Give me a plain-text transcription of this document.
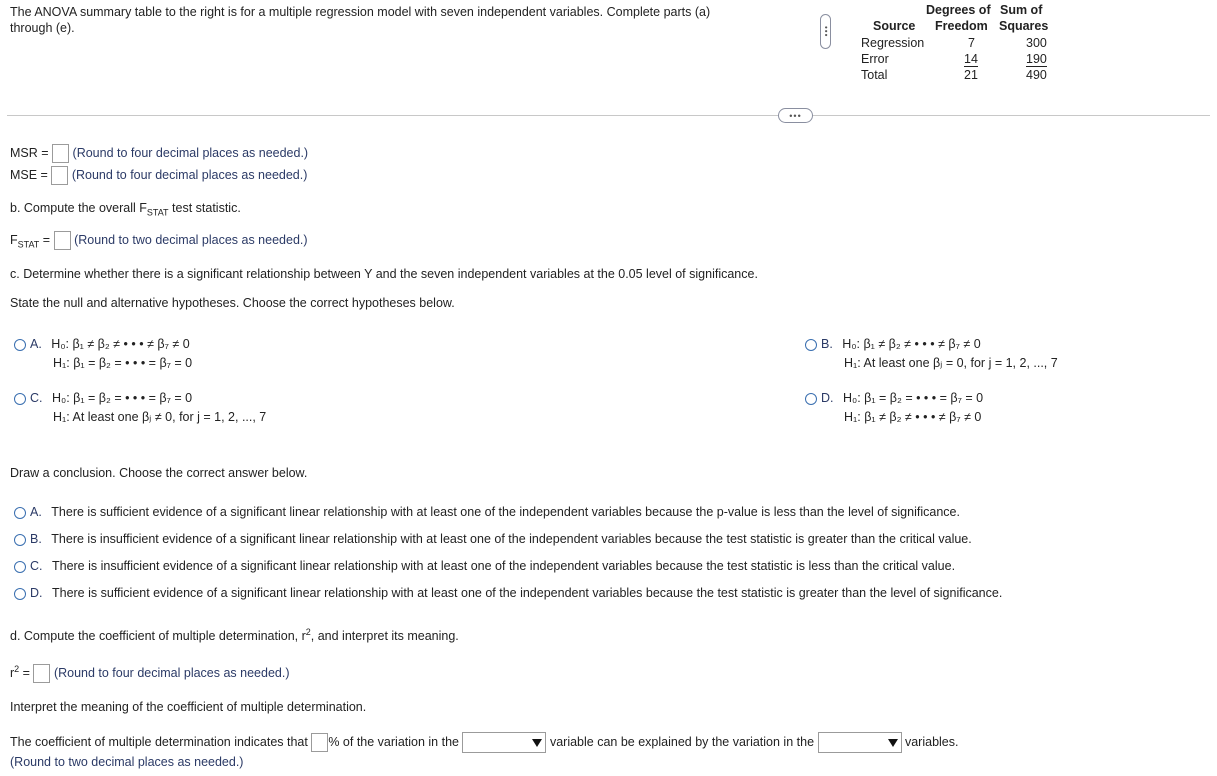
The ANOVA summary table to the right is for a multiple regression model with seven independent variables. Complete parts (a) through (e).
Degrees of Sum of
Source Freedom Squares
Regression	7	300
Error	14	190
Total	21	490
•••
•••
MSR = (Round to four decimal places as needed.)
MSE = (Round to four decimal places as needed.)
b. Compute the overall $F_{STAT}$ test statistic.
$F_{STAT}$ = (Round to two decimal places as needed.)
c. Determine whether there is a significant relationship between Y and the seven independent variables at the 0.05 level of significance.
State the null and alternative hypotheses. Choose the correct hypotheses below.
A. H₀: β₁ ≠ β₂ ≠ • • • ≠ β₇ ≠ 0
H₁: β₁ = β₂ = • • • = β₇ = 0
B. H₀: β₁ ≠ β₂ ≠ • • • ≠ β₇ ≠ 0
H₁: At least one βⱼ = 0, for j = 1, 2, ..., 7
C. H₀: β₁ = β₂ = • • • = β₇ = 0
H₁: At least one βⱼ ≠ 0, for j = 1, 2, ..., 7
D. H₀: β₁ = β₂ = • • • = β₇ = 0
H₁: β₁ ≠ β₂ ≠ • • • ≠ β₇ ≠ 0
Draw a conclusion. Choose the correct answer below.
A. There is sufficient evidence of a significant linear relationship with at least one of the independent variables because the p-value is less than the level of significance.
B. There is insufficient evidence of a significant linear relationship with at least one of the independent variables because the test statistic is greater than the critical value.
C. There is insufficient evidence of a significant linear relationship with at least one of the independent variables because the test statistic is less than the critical value.
D. There is sufficient evidence of a significant linear relationship with at least one of the independent variables because the test statistic is greater than the level of significance.
d. Compute the coefficient of multiple determination, $r^2$, and interpret its meaning.
$r^2$ = (Round to four decimal places as needed.)
Interpret the meaning of the coefficient of multiple determination.
The coefficient of multiple determination indicates that % of the variation in the	variable can be explained by the variation in the	variables.
(Round to two decimal places as needed.)
